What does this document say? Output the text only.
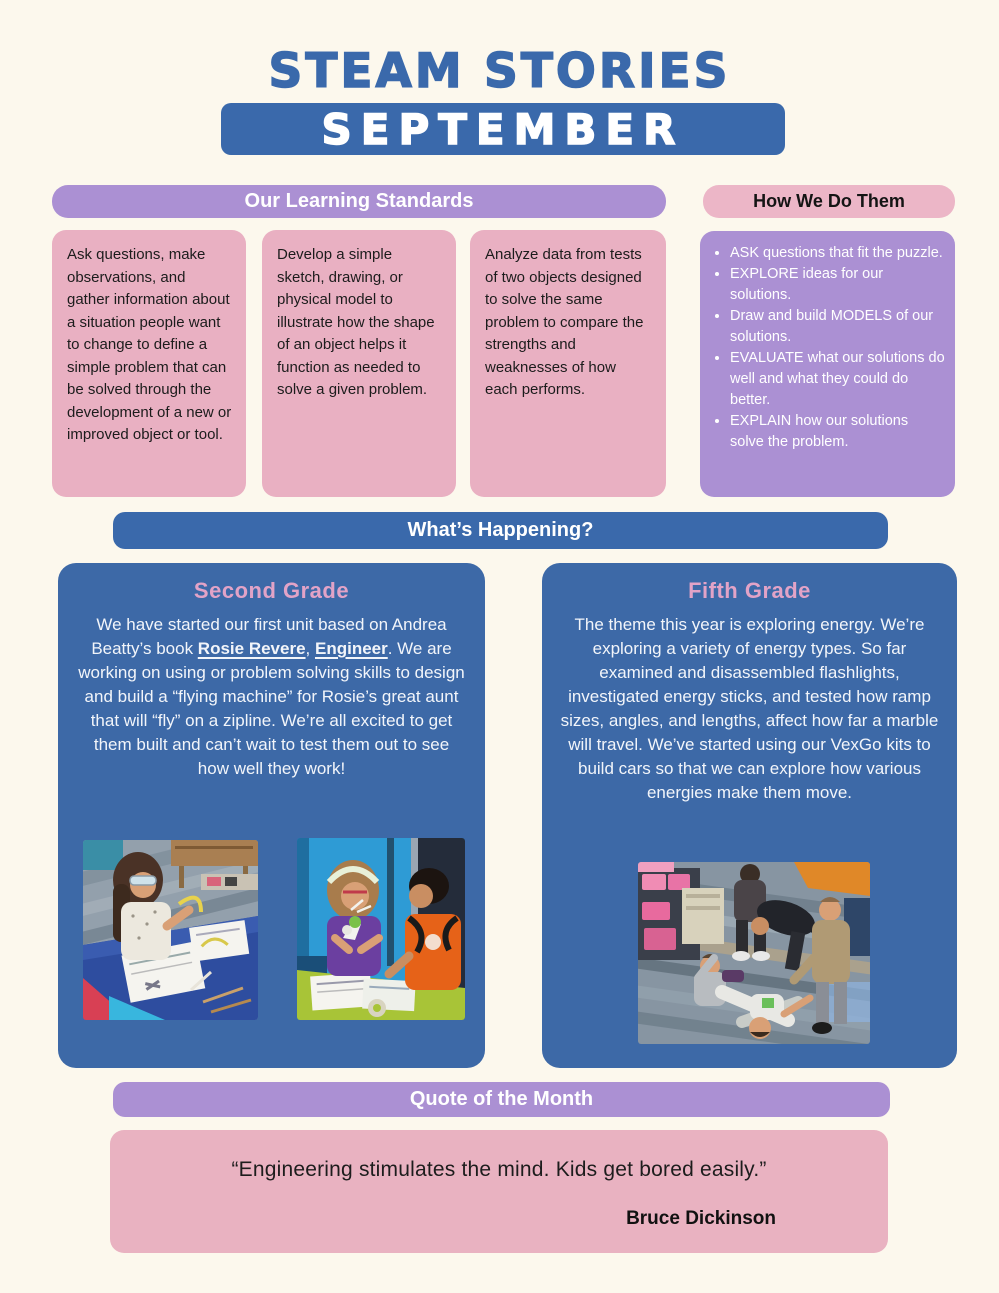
STEAM STORIES
SEPTEMBER
Our Learning Standards
Ask questions, make observations, and gather information about a situation people want to change to define a simple problem that can be solved through the development of a new or improved object or tool.
Develop a simple sketch, drawing, or physical model to illustrate how the shape of an object helps it function as needed to solve a given problem.
Analyze data from tests of two objects designed to solve the same problem to compare the strengths and weaknesses of how each performs.
How We Do Them
• ASK questions that fit the puzzle.
• EXPLORE ideas for our solutions.
• Draw and build MODELS of our solutions.
• EVALUATE what our solutions do well and what they could do better.
• EXPLAIN how our solutions solve the problem.
What’s Happening?
Second Grade
We have started our first unit based on Andrea Beatty’s book Rosie Revere, Engineer. We are working on using or problem solving skills to design and build a “flying machine” for Rosie’s great aunt that will “fly” on a zipline. We’re all excited to get them built and can’t wait to test them out to see how well they work!
Fifth Grade
The theme this year is exploring energy. We’re exploring a variety of energy types. So far examined and disassembled flashlights, investigated energy sticks, and tested how ramp sizes, angles, and lengths, affect how far a marble will travel. We’ve started using our VexGo kits to build cars so that we can explore how various energies make them move.
Quote of the Month
“Engineering stimulates the mind. Kids get bored easily.”
Bruce Dickinson
